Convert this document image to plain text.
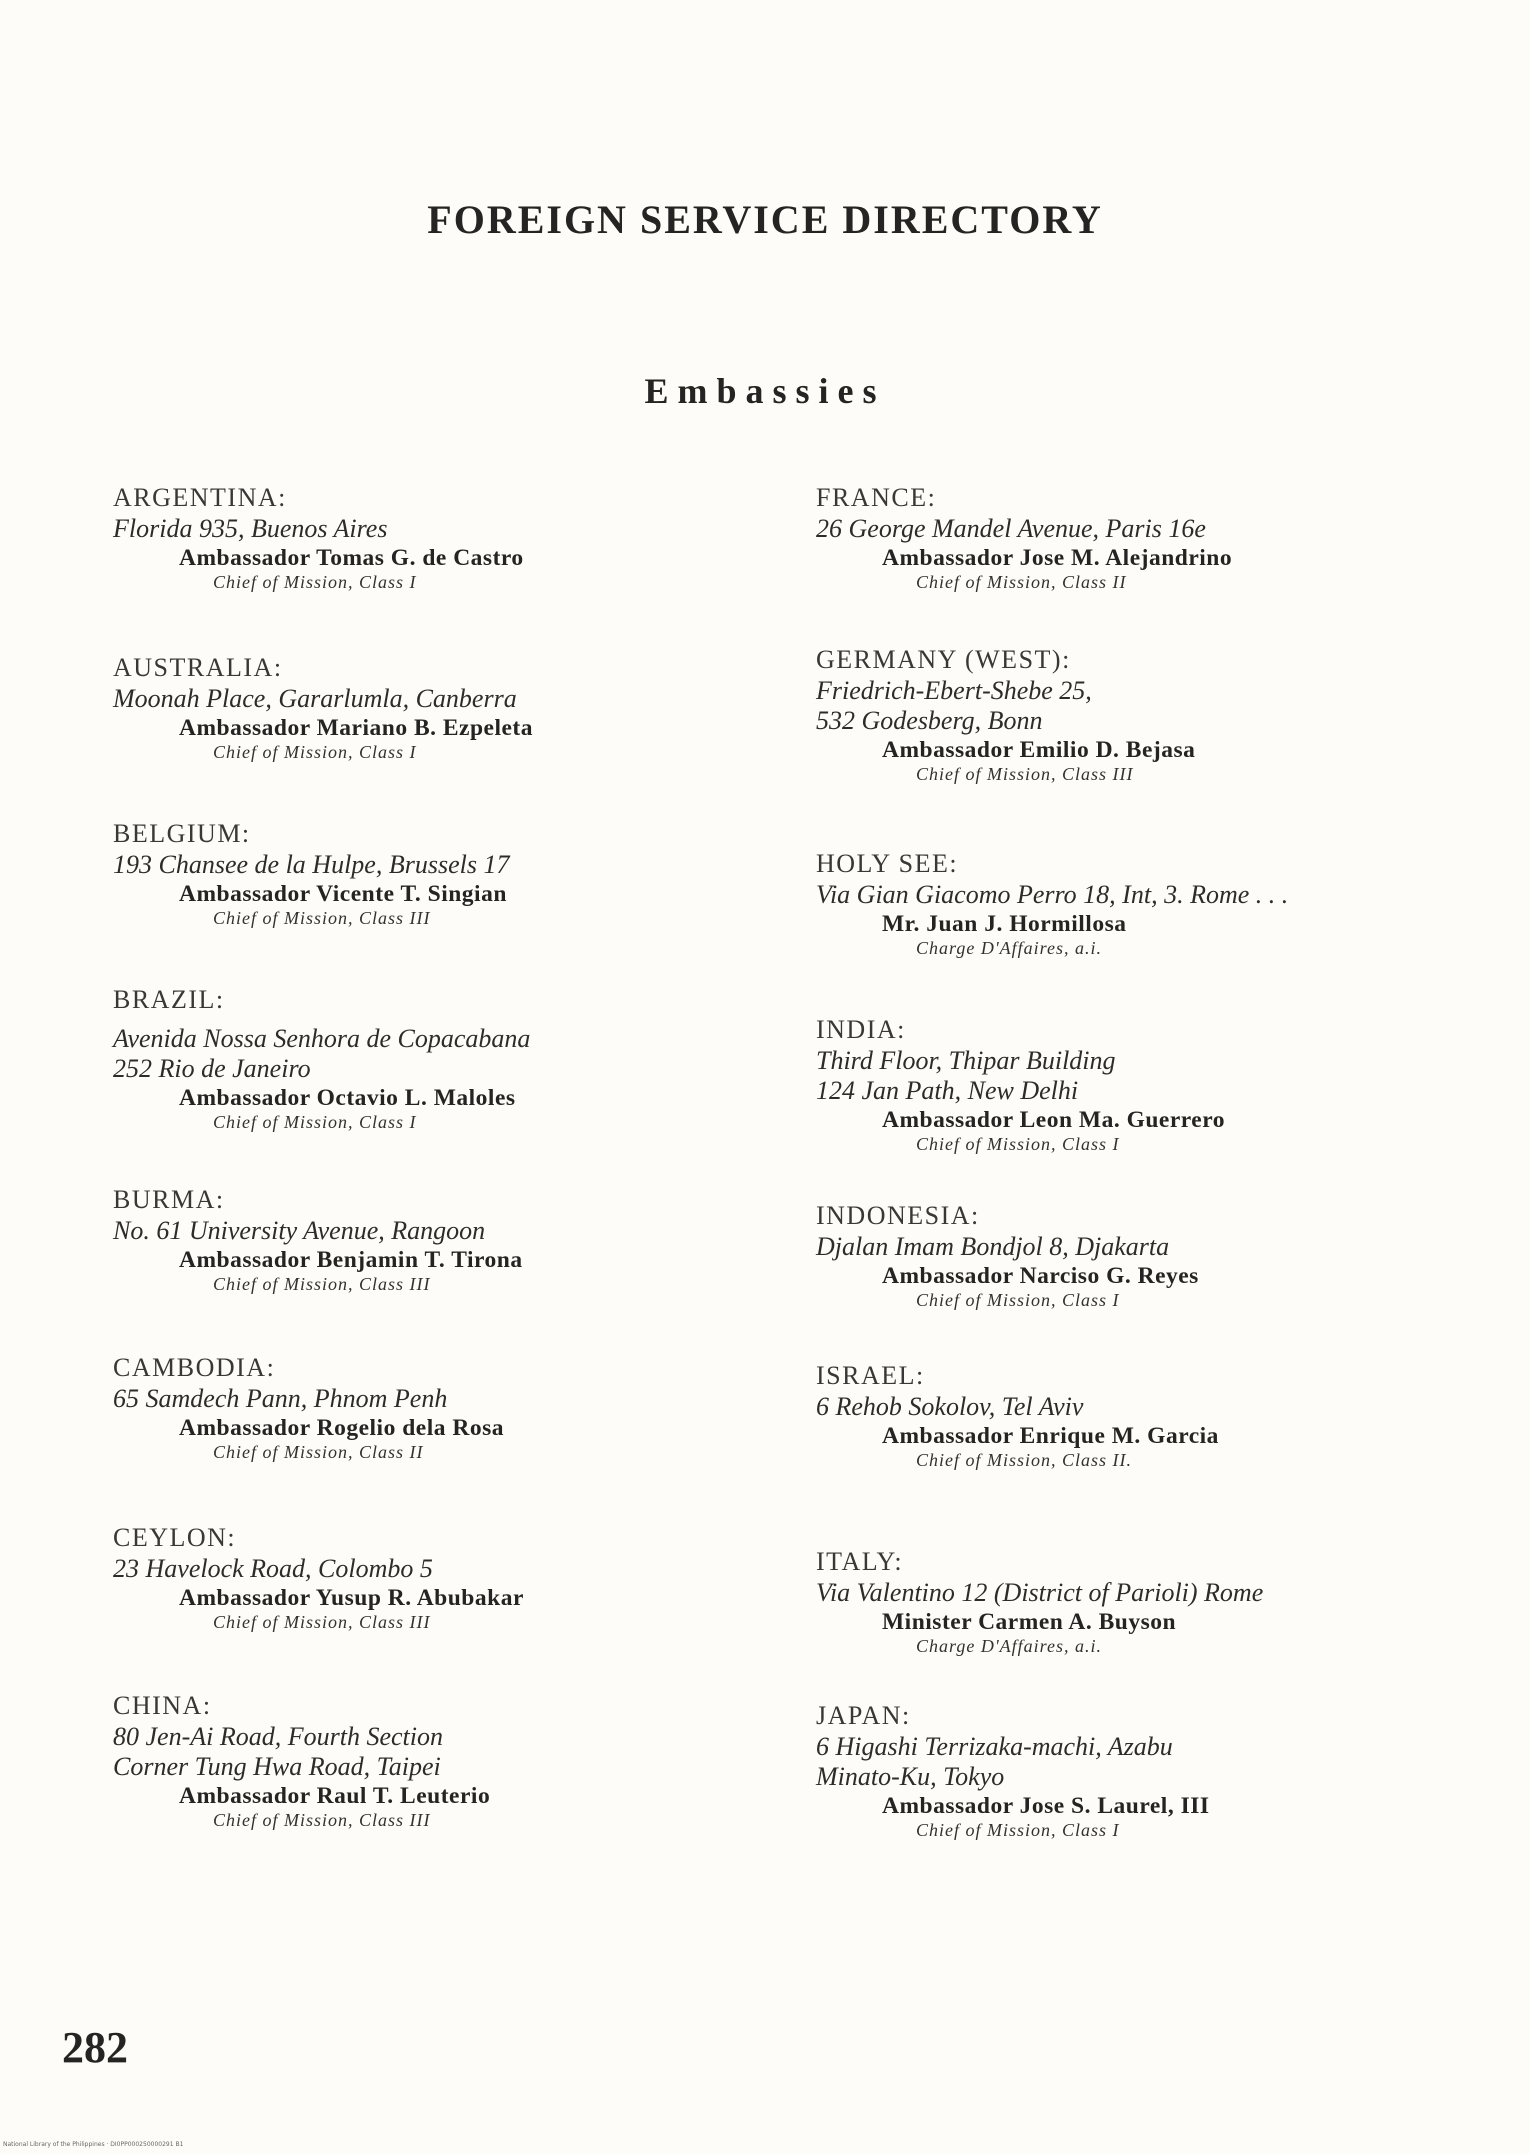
FOREIGN SERVICE DIRECTORY
Embassies
ARGENTINA:
Florida 935, Buenos Aires
Ambassador Tomas G. de Castro
Chief of Mission, Class I
AUSTRALIA:
Moonah Place, Gararlumla, Canberra
Ambassador Mariano B. Ezpeleta
Chief of Mission, Class I
BELGIUM:
193 Chansee de la Hulpe, Brussels 17
Ambassador Vicente T. Singian
Chief of Mission, Class III
BRAZIL:
Avenida Nossa Senhora de Copacabana
252 Rio de Janeiro
Ambassador Octavio L. Maloles
Chief of Mission, Class I
BURMA:
No. 61 University Avenue, Rangoon
Ambassador Benjamin T. Tirona
Chief of Mission, Class III
CAMBODIA:
65 Samdech Pann, Phnom Penh
Ambassador Rogelio dela Rosa
Chief of Mission, Class II
CEYLON:
23 Havelock Road, Colombo 5
Ambassador Yusup R. Abubakar
Chief of Mission, Class III
CHINA:
80 Jen-Ai Road, Fourth Section
Corner Tung Hwa Road, Taipei
Ambassador Raul T. Leuterio
Chief of Mission, Class III
FRANCE:
26 George Mandel Avenue, Paris 16e
Ambassador Jose M. Alejandrino
Chief of Mission, Class II
GERMANY (WEST):
Friedrich-Ebert-Shebe 25,
532 Godesberg, Bonn
Ambassador Emilio D. Bejasa
Chief of Mission, Class III
HOLY SEE:
Via Gian Giacomo Perro 18, Int, 3. Rome . . .
Mr. Juan J. Hormillosa
Charge D'Affaires, a.i.
INDIA:
Third Floor, Thipar Building
124 Jan Path, New Delhi
Ambassador Leon Ma. Guerrero
Chief of Mission, Class I
INDONESIA:
Djalan Imam Bondjol 8, Djakarta
Ambassador Narciso G. Reyes
Chief of Mission, Class I
ISRAEL:
6 Rehob Sokolov, Tel Aviv
Ambassador Enrique M. Garcia
Chief of Mission, Class II.
ITALY:
Via Valentino 12 (District of Parioli) Rome
Minister Carmen A. Buyson
Charge D'Affaires, a.i.
JAPAN:
6 Higashi Terrizaka-machi, Azabu
Minato-Ku, Tokyo
Ambassador Jose S. Laurel, III
Chief of Mission, Class I
282
National Library of the Philippines · DI0PP000250000291 B1
